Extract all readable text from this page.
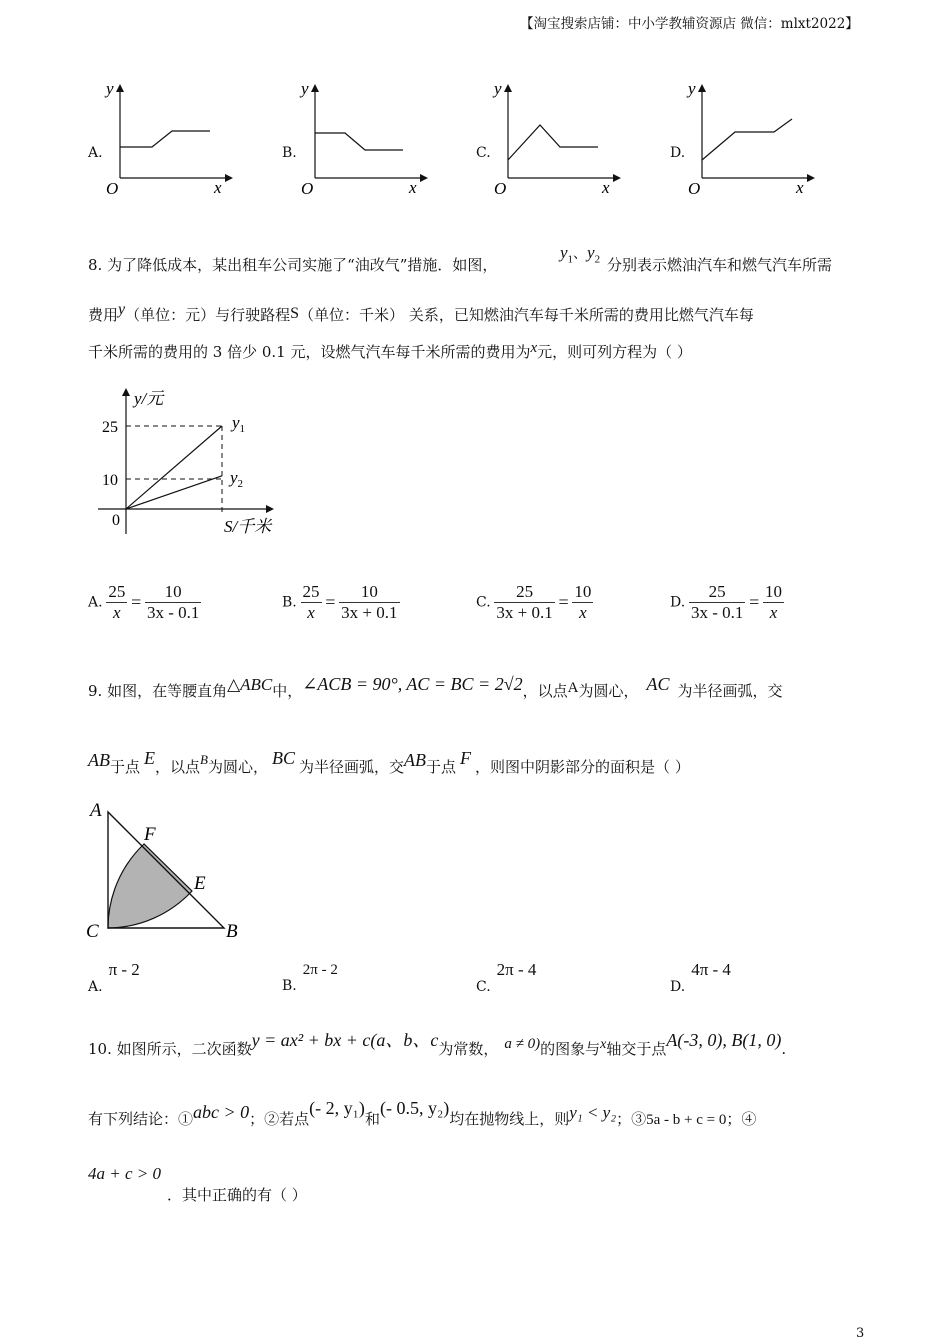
【淘宝搜索店铺：中小学教辅资源店 微信：mlxt2022】
A.
y
x
O
B.
y
x
O
C.
y
x
O
D.
y
x
O
8. 为了降低成本，某出租车公司实施了“油改气”措施．如图，
$y_1$、$y_2$ 分别表示燃油汽车和燃气汽车所需
费用y（单位：元）与行驶路程S（单位：千米） 关系，已知燃油汽车每千米所需的费用比燃气汽车每
千米所需的费用的 3 倍少 0.1 元，设燃气汽车每千米所需的费用为x元，则可列方程为（ ）
y/元
25
10
0	S/千米
$y_1$
$y_2$
A. $\frac{25}{x} = \frac{10}{3x - 0.1}$	B. $\frac{25}{x} = \frac{10}{3x + 0.1}$	C. $\frac{25}{3x + 0.1} = \frac{10}{x}$	D. $\frac{25}{3x - 0.1} = \frac{10}{x}$
9. 如图，在等腰直角△ABC中，∠ACB = 90°, AC = BC = 2√2，以点A为圆心， AC 为半径画弧，交
AB于点 E，以点B为圆心， BC 为半径画弧，交AB于点 F ，则图中阴影部分的面积是（ ）
A
F
E
C	B
A.π - 2
B.2π - 2
C.2π - 4
D.4π - 4
10. 如图所示，二次函数y = ax² + bx + c(a、b、c为常数， a ≠ 0)的图象与x轴交于点A(-3, 0), B(1, 0).
有下列结论：①abc > 0；②若点(- 2, y₁)和(- 0.5, y₂)均在抛物线上，则y₁ < y₂；③5a - b + c = 0；④
4a + c > 0．其中正确的有（ ）
3
